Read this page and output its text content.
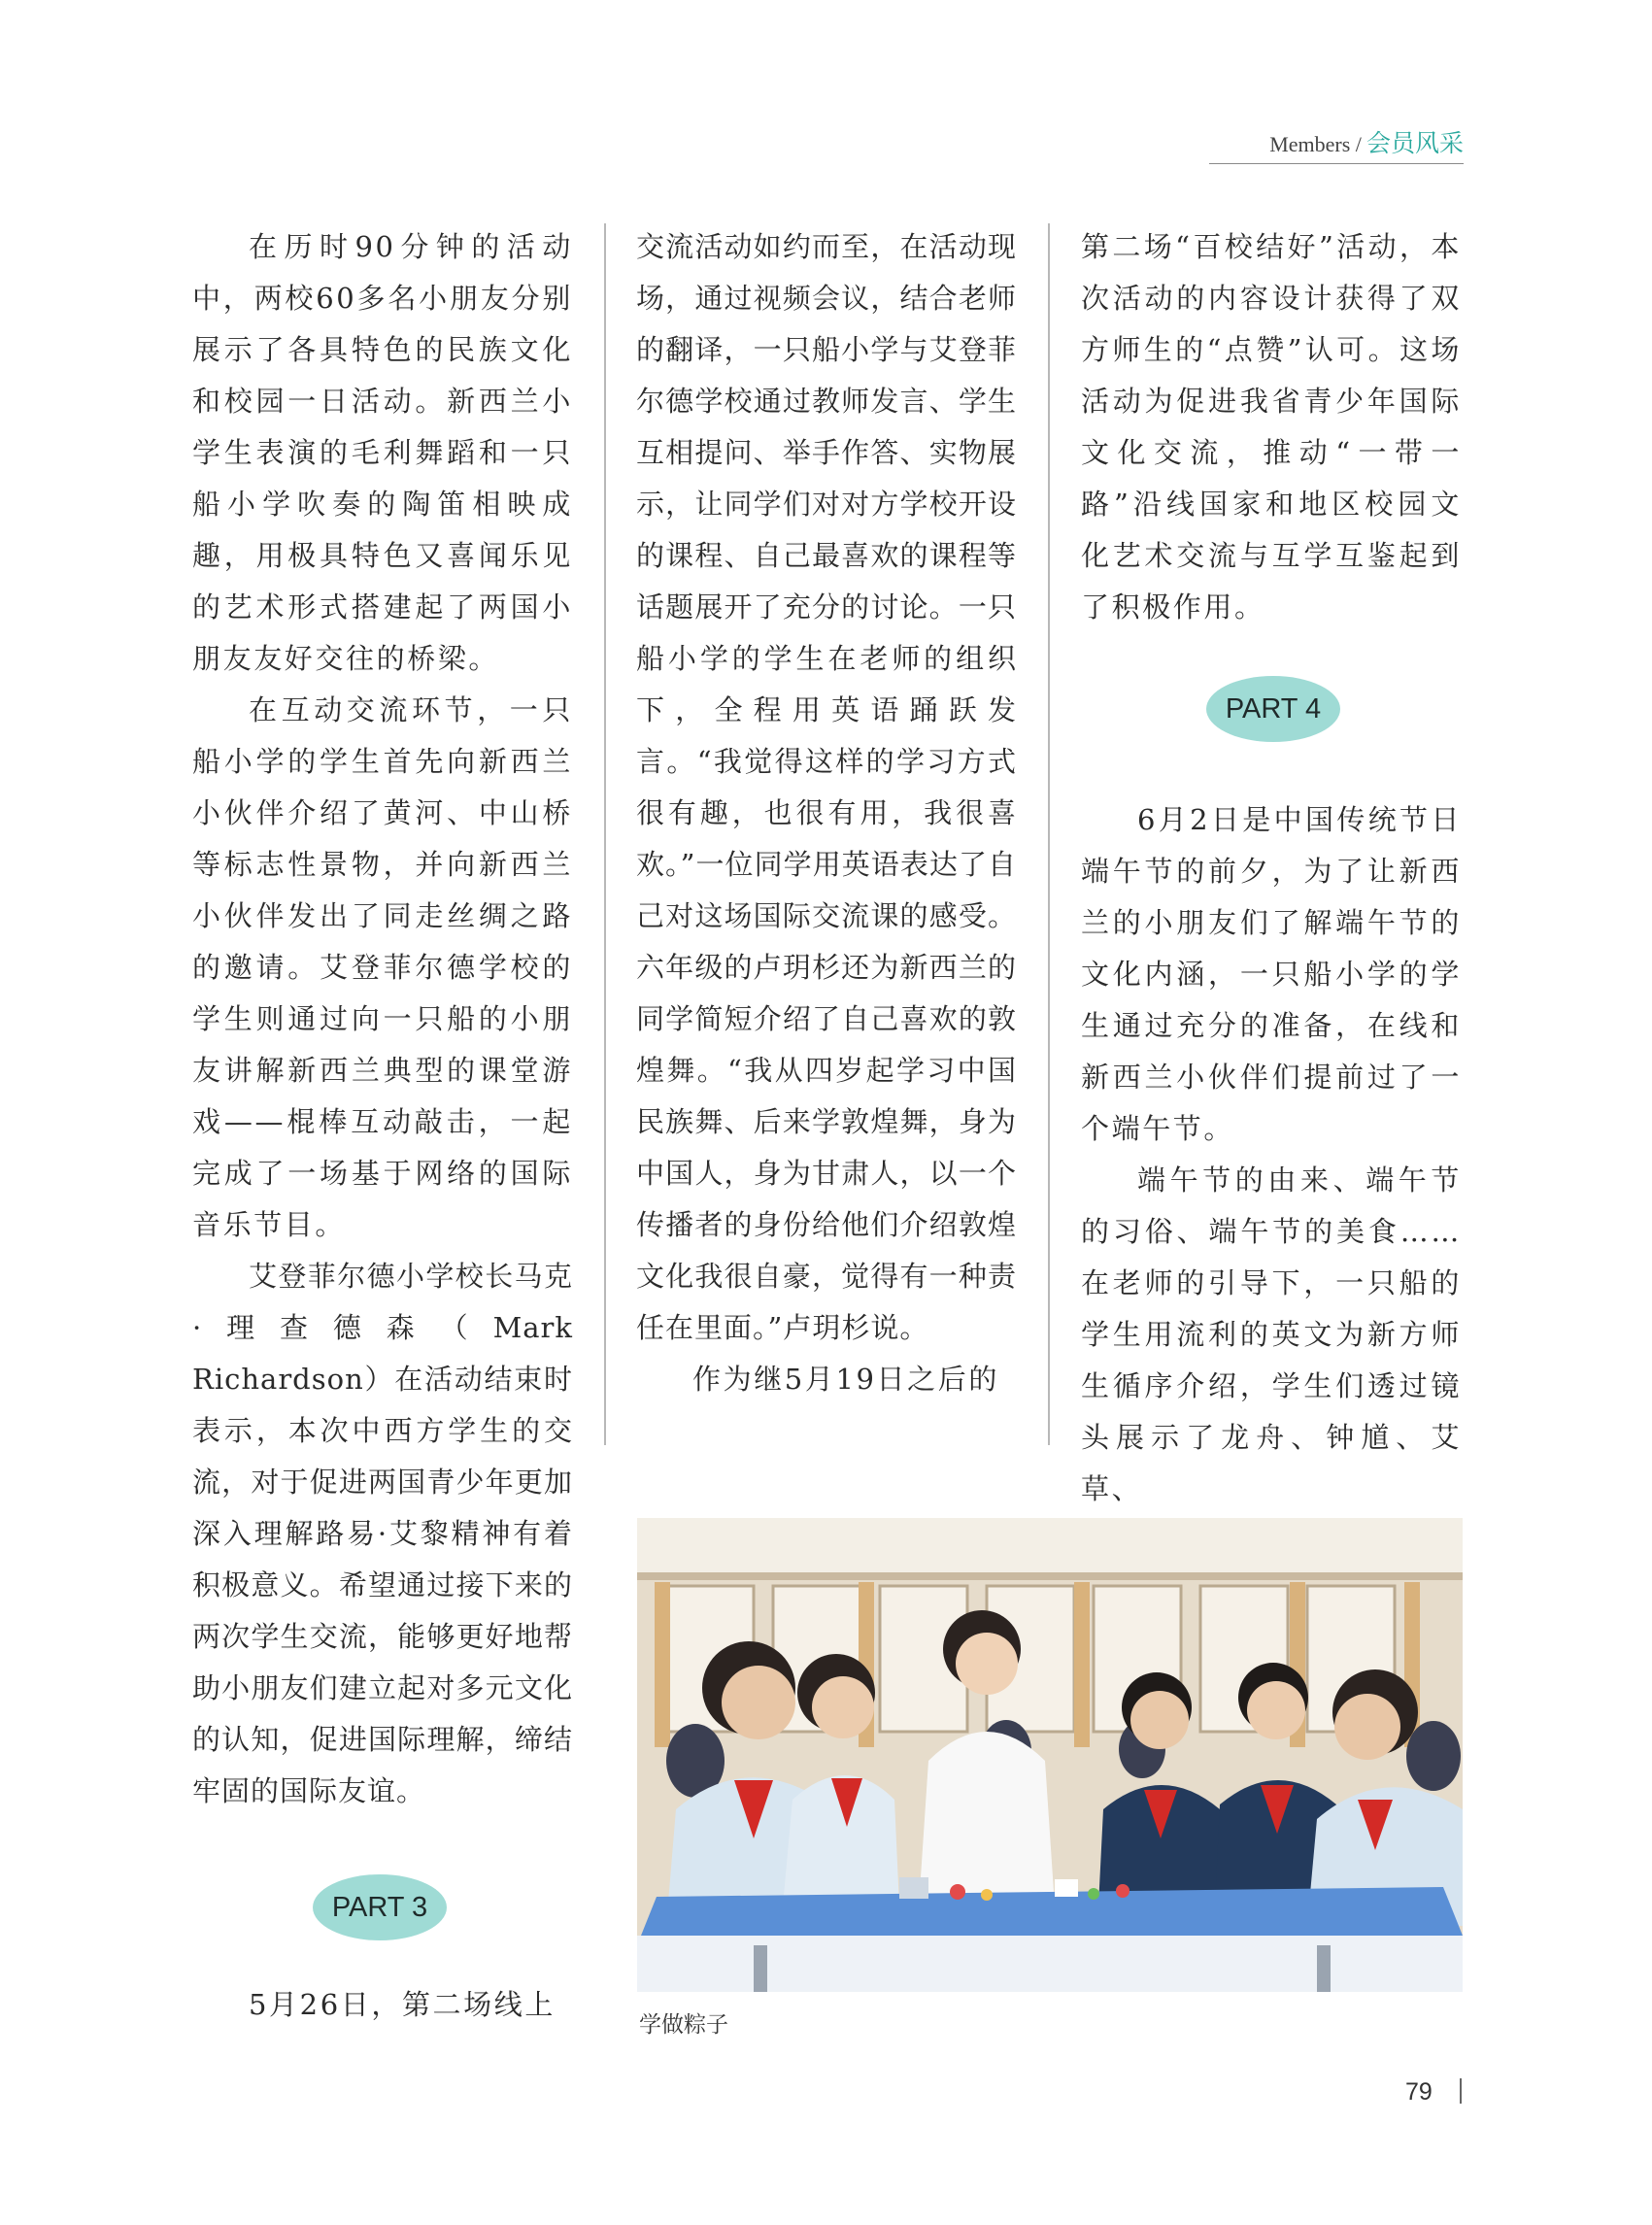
Members / 会员风采

在历时90分钟的活动中，两校60多名小朋友分别展示了各具特色的民族文化和校园一日活动。新西兰小学生表演的毛利舞蹈和一只船小学吹奏的陶笛相映成趣，用极具特色又喜闻乐见的艺术形式搭建起了两国小朋友友好交往的桥梁。

在互动交流环节，一只船小学的学生首先向新西兰小伙伴介绍了黄河、中山桥等标志性景物，并向新西兰小伙伴发出了同走丝绸之路的邀请。艾登菲尔德学校的学生则通过向一只船的小朋友讲解新西兰典型的课堂游戏——棍棒互动敲击，一起完成了一场基于网络的国际音乐节目。

艾登菲尔德小学校长马克·理查德森（Mark Richardson）在活动结束时表示，本次中西方学生的交流，对于促进两国青少年更加深入理解路易·艾黎精神有着积极意义。希望通过接下来的两次学生交流，能够更好地帮助小朋友们建立起对多元文化的认知，促进国际理解，缔结牢固的国际友谊。

5月26日，第二场线上

交流活动如约而至，在活动现场，通过视频会议，结合老师的翻译，一只船小学与艾登菲尔德学校通过教师发言、学生互相提问、举手作答、实物展示，让同学们对对方学校开设的课程、自己最喜欢的课程等话题展开了充分的讨论。一只船小学的学生在老师的组织下，全程用英语踊跃发言。“我觉得这样的学习方式很有趣，也很有用，我很喜欢。”一位同学用英语表达了自己对这场国际交流课的感受。六年级的卢玥杉还为新西兰的同学简短介绍了自己喜欢的敦煌舞。“我从四岁起学习中国民族舞、后来学敦煌舞，身为中国人，身为甘肃人，以一个传播者的身份给他们介绍敦煌文化我很自豪，觉得有一种责任在里面。”卢玥杉说。

作为继5月19日之后的

第二场“百校结好”活动，本次活动的内容设计获得了双方师生的“点赞”认可。这场活动为促进我省青少年国际文化交流，推动“一带一路”沿线国家和地区校园文化艺术交流与互学互鉴起到了积极作用。

6月2日是中国传统节日端午节的前夕，为了让新西兰的小朋友们了解端午节的文化内涵，一只船小学的学生通过充分的准备，在线和新西兰小伙伴们提前过了一个端午节。

端午节的由来、端午节的习俗、端午节的美食……在老师的引导下，一只船的学生用流利的英文为新方师生循序介绍，学生们透过镜头展示了龙舟、钟馗、艾草、

PART 3
PART 4
学做粽子
79
